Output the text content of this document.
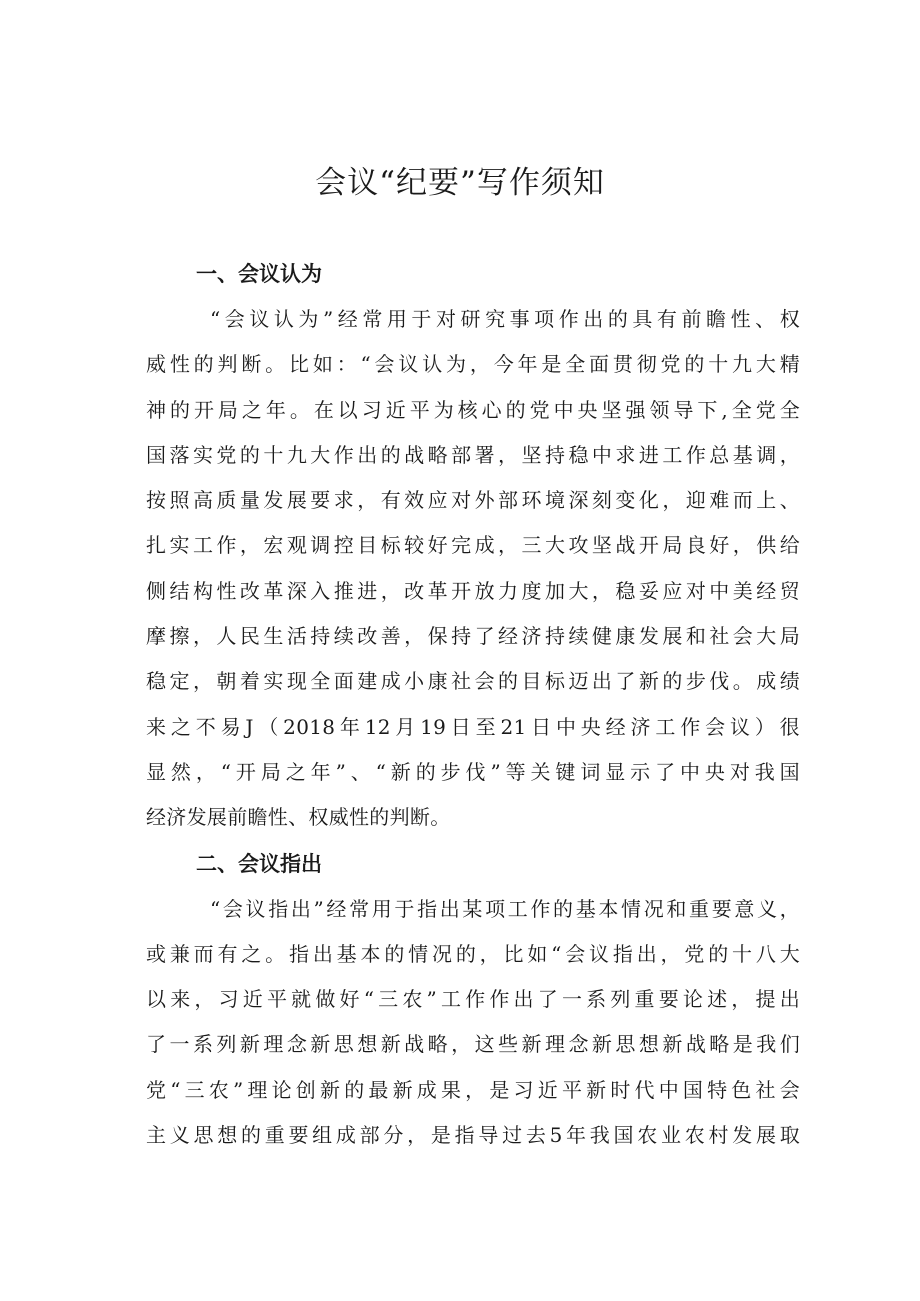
会议“纪要”写作须知
一、会议认为

“会议认为”经常用于对研究事项作出的具有前瞻性、权
威性的判断。比如：“会议认为，今年是全面贯彻党的十九大精
神的开局之年。在以习近平为核心的党中央坚强领导下,全党全
国落实党的十九大作出的战略部署，坚持稳中求进工作总基调，
按照高质量发展要求，有效应对外部环境深刻变化，迎难而上、
扎实工作，宏观调控目标较好完成，三大攻坚战开局良好，供给
侧结构性改革深入推进，改革开放力度加大，稳妥应对中美经贸
摩擦，人民生活持续改善，保持了经济持续健康发展和社会大局
稳定，朝着实现全面建成小康社会的目标迈出了新的步伐。成绩
来之不易J（2018年12月19日至21日中央经济工作会议）很
显然，“开局之年”、“新的步伐”等关键词显示了中央对我国
经济发展前瞻性、权威性的判断。

二、会议指出

“会议指出”经常用于指出某项工作的基本情况和重要意义，
或兼而有之。指出基本的情况的，比如“会议指出，党的十八大
以来，习近平就做好“三农”工作作出了一系列重要论述，提出
了一系列新理念新思想新战略，这些新理念新思想新战略是我们
党“三农”理论创新的最新成果，是习近平新时代中国特色社会
主义思想的重要组成部分，是指导过去5年我国农业农村发展取
